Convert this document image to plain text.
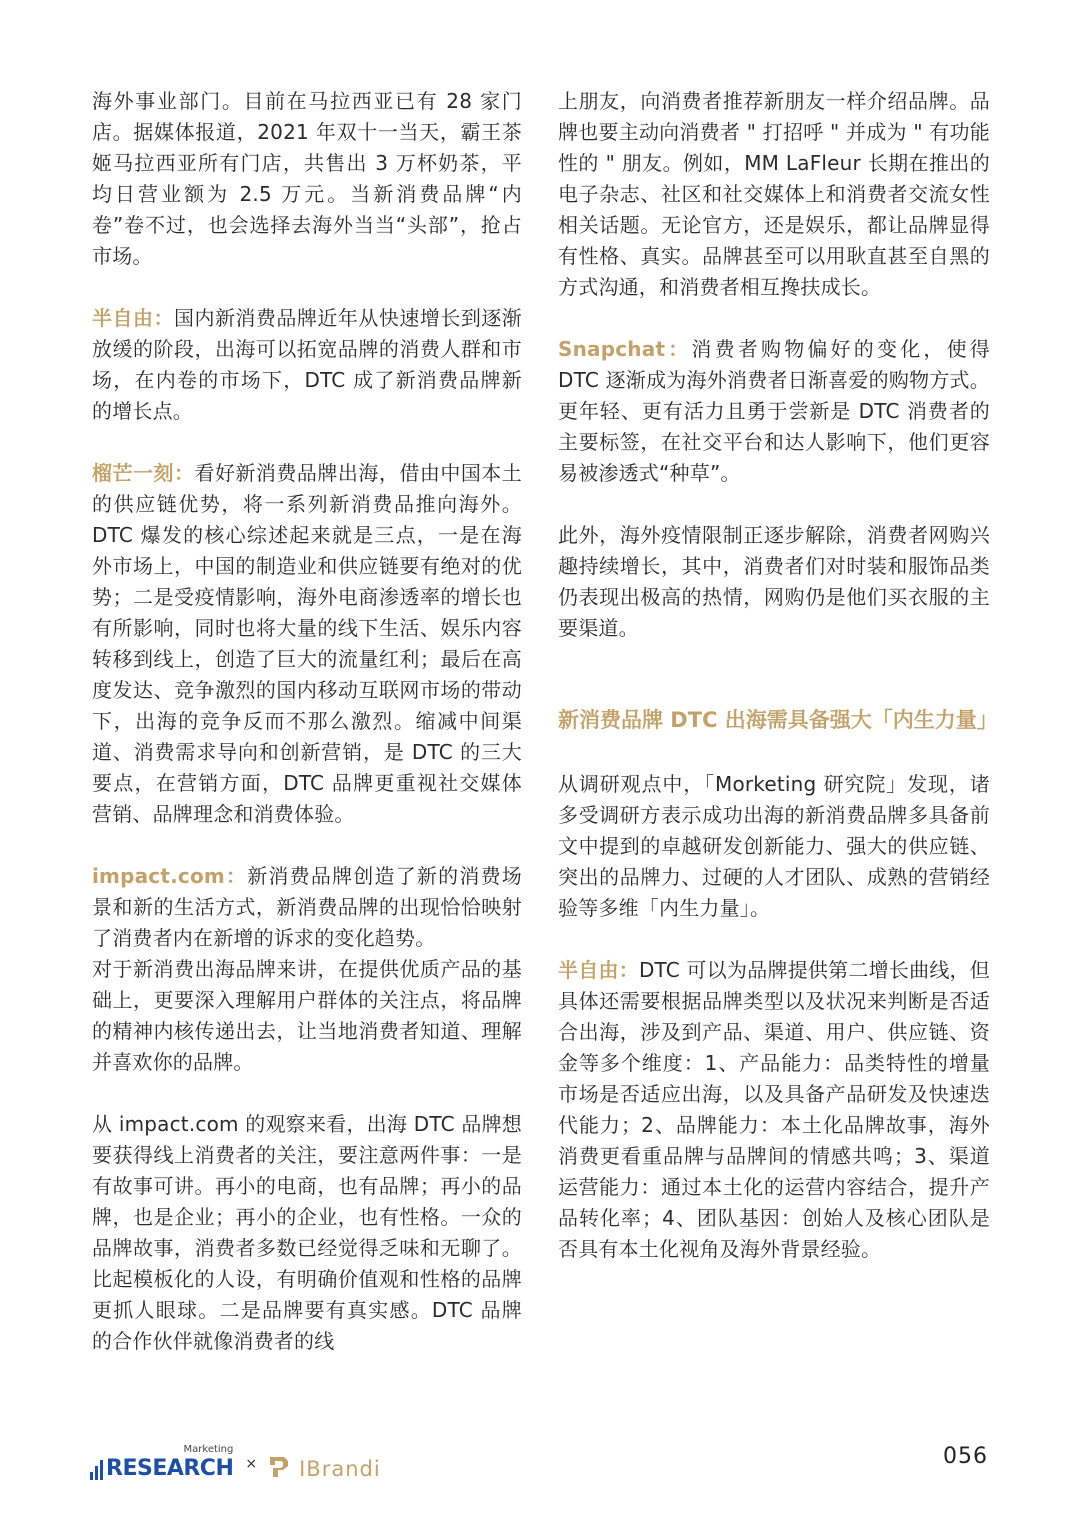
海外事业部门。目前在马拉西亚已有 28 家门店。据媒体报道，2021 年双十一当天，霸王茶姬马拉西亚所有门店，共售出 3 万杯奶茶，平均日营业额为 2.5 万元。当新消费品牌“内卷”卷不过，也会选择去海外当当“头部”，抢占市场。

半自由：国内新消费品牌近年从快速增长到逐渐放缓的阶段，出海可以拓宽品牌的消费人群和市场，在内卷的市场下，DTC 成了新消费品牌新的增长点。

榴芒一刻：看好新消费品牌出海，借由中国本土的供应链优势，将一系列新消费品推向海外。DTC 爆发的核心综述起来就是三点，一是在海外市场上，中国的制造业和供应链要有绝对的优势；二是受疫情影响，海外电商渗透率的增长也有所影响，同时也将大量的线下生活、娱乐内容转移到线上，创造了巨大的流量红利；最后在高度发达、竞争激烈的国内移动互联网市场的带动下，出海的竞争反而不那么激烈。缩减中间渠道、消费需求导向和创新营销，是 DTC 的三大要点，在营销方面，DTC 品牌更重视社交媒体营销、品牌理念和消费体验。

impact.com：新消费品牌创造了新的消费场景和新的生活方式，新消费品牌的出现恰恰映射了消费者内在新增的诉求的变化趋势。

对于新消费出海品牌来讲，在提供优质产品的基础上，更要深入理解用户群体的关注点，将品牌的精神内核传递出去，让当地消费者知道、理解并喜欢你的品牌。

从 impact.com 的观察来看，出海 DTC 品牌想要获得线上消费者的关注，要注意两件事：一是有故事可讲。再小的电商，也有品牌；再小的品牌，也是企业；再小的企业，也有性格。一众的品牌故事，消费者多数已经觉得乏味和无聊了。比起模板化的人设，有明确价值观和性格的品牌更抓人眼球。二是品牌要有真实感。DTC 品牌的合作伙伴就像消费者的线

上朋友，向消费者推荐新朋友一样介绍品牌。品牌也要主动向消费者 " 打招呼 " 并成为 " 有功能性的 " 朋友。例如，MM LaFleur 长期在推出的电子杂志、社区和社交媒体上和消费者交流女性相关话题。无论官方，还是娱乐，都让品牌显得有性格、真实。品牌甚至可以用耿直甚至自黑的方式沟通，和消费者相互搀扶成长。

Snapchat：消费者购物偏好的变化，使得 DTC 逐渐成为海外消费者日渐喜爱的购物方式。更年轻、更有活力且勇于尝新是 DTC 消费者的主要标签，在社交平台和达人影响下，他们更容易被渗透式“种草”。

此外，海外疫情限制正逐步解除，消费者网购兴趣持续增长，其中，消费者们对时装和服饰品类仍表现出极高的热情，网购仍是他们买衣服的主要渠道。

新消费品牌 DTC 出海需具备强大「内生力量」

从调研观点中，「Morketing 研究院」发现，诸多受调研方表示成功出海的新消费品牌多具备前文中提到的卓越研发创新能力、强大的供应链、突出的品牌力、过硬的人才团队、成熟的营销经验等多维「内生力量」。

半自由：DTC 可以为品牌提供第二增长曲线，但具体还需要根据品牌类型以及状况来判断是否适合出海，涉及到产品、渠道、用户、供应链、资金等多个维度：1、产品能力：品类特性的增量市场是否适应出海，以及具备产品研发及快速迭代能力；2、品牌能力：本土化品牌故事，海外消费更看重品牌与品牌间的情感共鸣；3、渠道运营能力：通过本土化的运营内容结合，提升产品转化率；4、团队基因：创始人及核心团队是否具有本土化视角及海外背景经验。

RESEARCH
Marketing
× IBrandi	056
